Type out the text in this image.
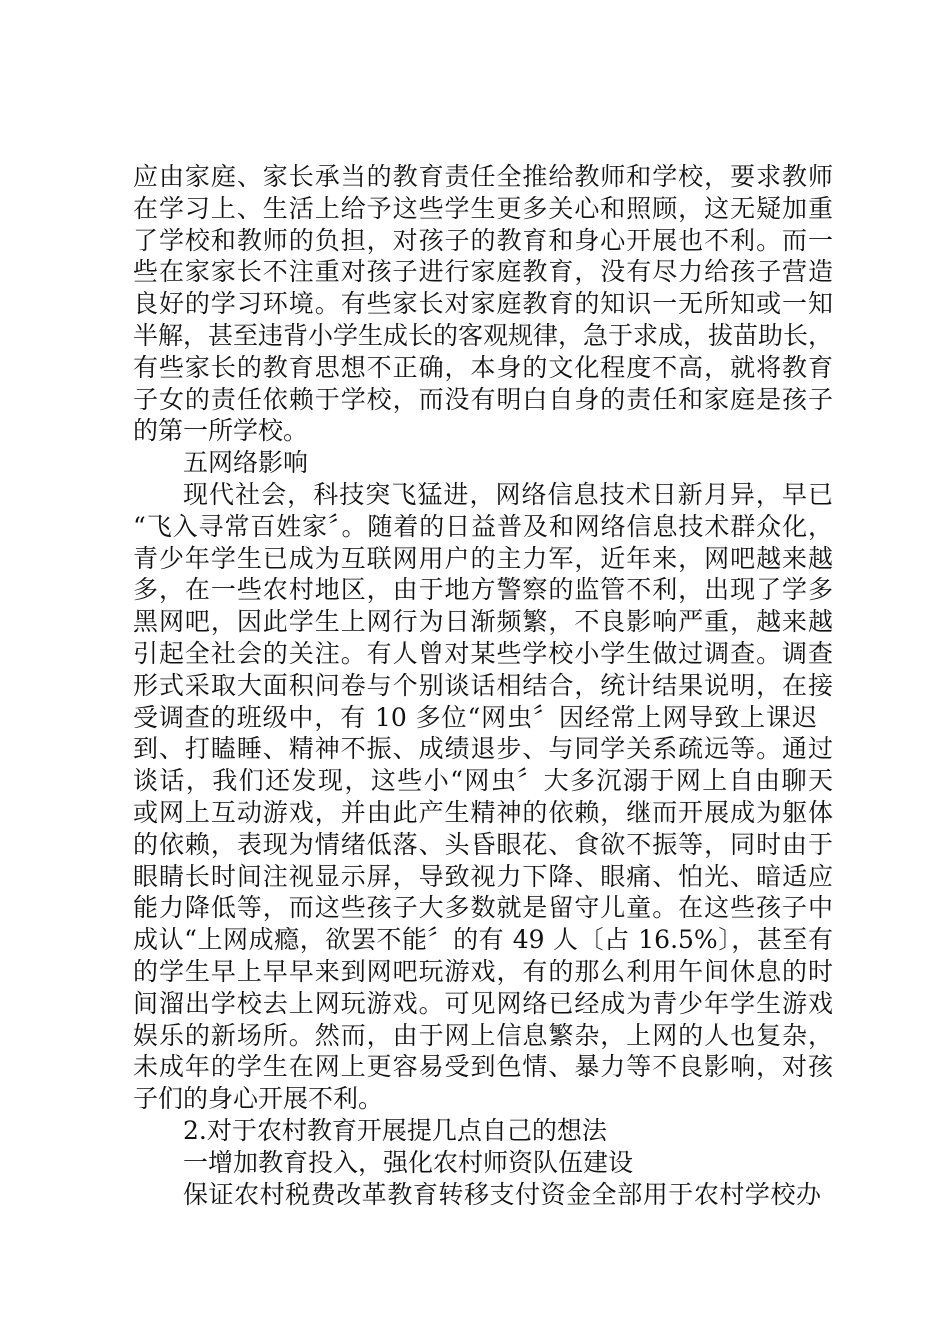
应由家庭、家长承当的教育责任全推给教师和学校，要求教师
在学习上、生活上给予这些学生更多关心和照顾，这无疑加重
了学校和教师的负担，对孩子的教育和身心开展也不利。而一
些在家家长不注重对孩子进行家庭教育，没有尽力给孩子营造
良好的学习环境。有些家长对家庭教育的知识一无所知或一知
半解，甚至违背小学生成长的客观规律，急于求成，拔苗助长，
有些家长的教育思想不正确，本身的文化程度不高，就将教育
子女的责任依赖于学校，而没有明白自身的责任和家庭是孩子
的第一所学校。
五网络影响
现代社会，科技突飞猛进，网络信息技术日新月异，早已
“飞入寻常百姓家〞。随着的日益普及和网络信息技术群众化，
青少年学生已成为互联网用户的主力军，近年来，网吧越来越
多，在一些农村地区，由于地方警察的监管不利，出现了学多
黑网吧，因此学生上网行为日渐频繁，不良影响严重，越来越
引起全社会的关注。有人曾对某些学校小学生做过调查。调查
形式采取大面积问卷与个别谈话相结合，统计结果说明，在接
受调查的班级中，有 10 多位“网虫〞因经常上网导致上课迟
到、打瞌睡、精神不振、成绩退步、与同学关系疏远等。通过
谈话，我们还发现，这些小“网虫〞大多沉溺于网上自由聊天
或网上互动游戏，并由此产生精神的依赖，继而开展成为躯体
的依赖，表现为情绪低落、头昏眼花、食欲不振等，同时由于
眼睛长时间注视显示屏，导致视力下降、眼痛、怕光、暗适应
能力降低等，而这些孩子大多数就是留守儿童。在这些孩子中
成认“上网成瘾，欲罢不能〞的有 49 人〔占 16.5%〕，甚至有
的学生早上早早来到网吧玩游戏，有的那么利用午间休息的时
间溜出学校去上网玩游戏。可见网络已经成为青少年学生游戏
娱乐的新场所。然而，由于网上信息繁杂，上网的人也复杂，
未成年的学生在网上更容易受到色情、暴力等不良影响，对孩
子们的身心开展不利。
2.对于农村教育开展提几点自己的想法
一增加教育投入，强化农村师资队伍建设
保证农村税费改革教育转移支付资金全部用于农村学校办
